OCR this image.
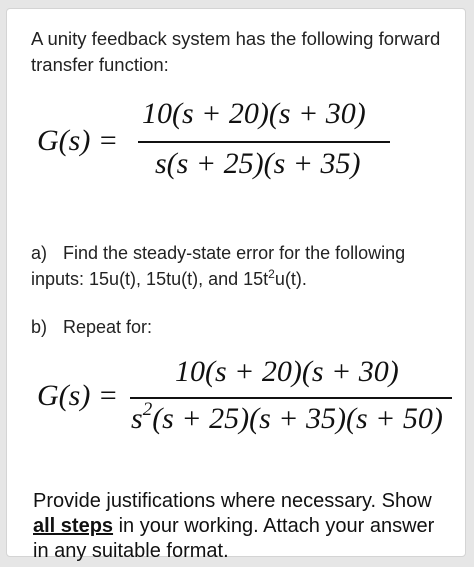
A unity feedback system has the following forward
transfer function:
G(s) =
10(s + 20)(s + 30)
s(s + 25)(s + 35)
a) Find the steady-state error for the following
inputs: 15u(t), 15tu(t), and $15t^2u(t)$.
b) Repeat for:
G(s) =
10(s + 20)(s + 30)
$s^2(s + 25)(s + 35)(s + 50)$
Provide justifications where necessary. Show
all steps in your working. Attach your answer
in any suitable format.
